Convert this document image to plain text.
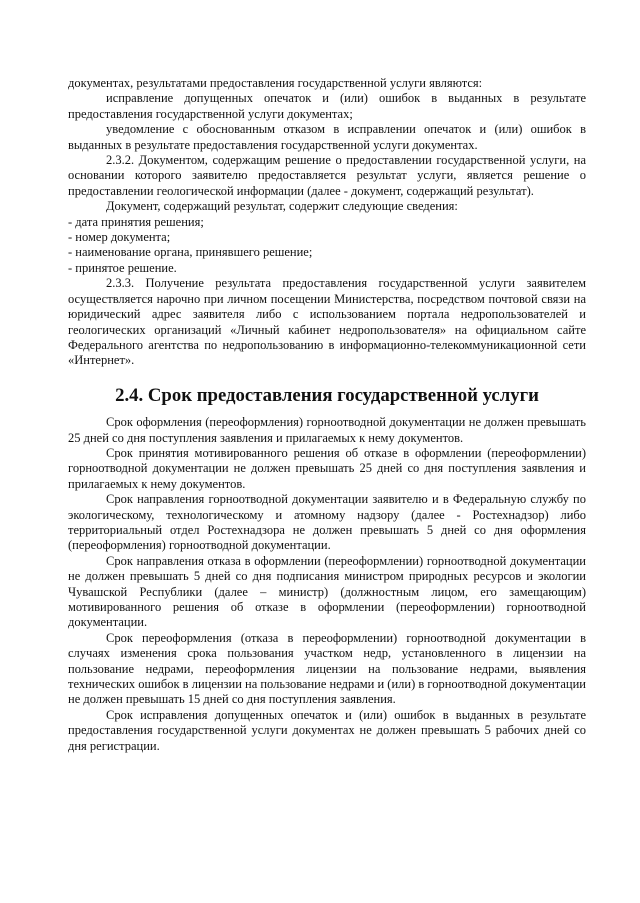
документах, результатами предоставления государственной услуги являются:

исправление допущенных опечаток и (или) ошибок в выданных в результате предоставления государственной услуги документах;

уведомление с обоснованным отказом в исправлении опечаток и (или) ошибок в выданных в результате предоставления государственной услуги документах.

2.3.2. Документом, содержащим решение о предоставлении государственной услуги, на основании которого заявителю предоставляется результат услуги, является решение о предоставлении геологической информации (далее - документ, содержащий результат).

Документ, содержащий результат, содержит следующие сведения:

- дата принятия решения;

- номер документа;

- наименование органа, принявшего решение;

- принятое решение.

2.3.3. Получение результата предоставления государственной услуги заявителем осуществляется нарочно при личном посещении Министерства, посредством почтовой связи на юридический адрес заявителя либо с использованием портала недропользователей и геологических организаций «Личный кабинет недропользователя» на официальном сайте Федерального агентства по недропользованию в информационно-телекоммуникационной сети «Интернет».

2.4. Срок предоставления государственной услуги

Срок оформления (переоформления) горноотводной документации не должен превышать 25 дней со дня поступления заявления и прилагаемых к нему документов.

Срок принятия мотивированного решения об отказе в оформлении (переоформлении) горноотводной документации не должен превышать 25 дней со дня поступления заявления и прилагаемых к нему документов.

Срок направления горноотводной документации заявителю и в Федеральную службу по экологическому, технологическому и атомному надзору (далее - Ростехнадзор) либо территориальный отдел Ростехнадзора не должен превышать 5 дней со дня оформления (переоформления) горноотводной документации.

Срок направления отказа в оформлении (переоформлении) горноотводной документации не должен превышать 5 дней со дня подписания министром природных ресурсов и экологии Чувашской Республики (далее – министр) (должностным лицом, его замещающим) мотивированного решения об отказе в оформлении (переоформлении) горноотводной документации.

Срок переоформления (отказа в переоформлении) горноотводной документации в случаях изменения срока пользования участком недр, установленного в лицензии на пользование недрами, переоформления лицензии на пользование недрами, выявления технических ошибок в лицензии на пользование недрами и (или) в горноотводной документации не должен превышать 15 дней со дня поступления заявления.

Срок исправления допущенных опечаток и (или) ошибок в выданных в результате предоставления государственной услуги документах не должен превышать 5 рабочих дней со дня регистрации.
